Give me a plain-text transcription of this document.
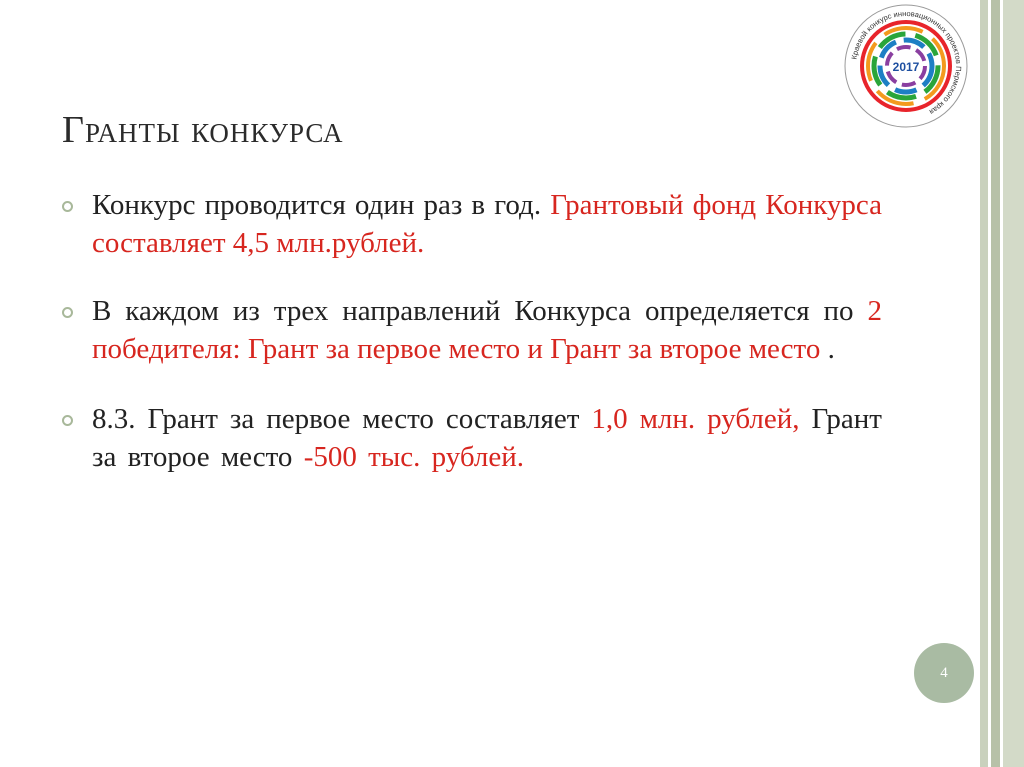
2017
Краевой конкурс инновационных проектов Пермского края
Гранты конкурса
Конкурс проводится один раз в год. Грантовый фонд Конкурса составляет 4,5 млн.рублей.
В каждом из трех направлений Конкурса определяется по 2 победителя: Грант за первое место и Грант за второе место .
8.3. Грант за первое место составляет 1,0 млн. рублей, Грант за второе место -500 тыс. рублей.
4
